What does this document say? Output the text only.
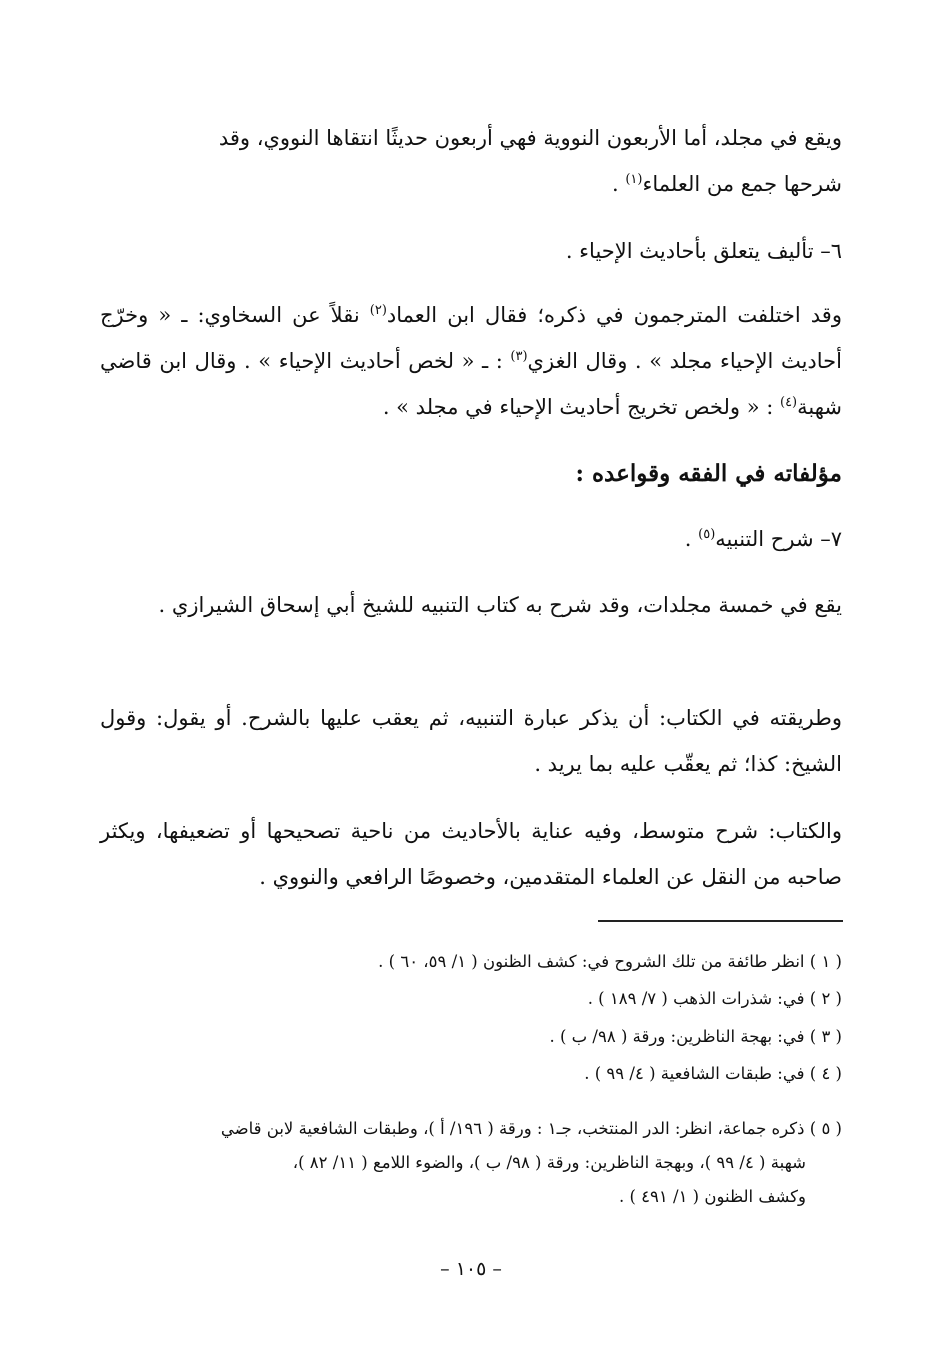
ويقع في مجلد، أما الأربعون النووية فهي أربعون حديثًا انتقاها النووي، وقد
شرحها جمع من العلماء$^{(١)}$ .

٦– تأليف يتعلق بأحاديث الإحياء .

وقد اختلفت المترجمون في ذكره؛ فقال ابن العماد$^{(٢)}$ نقلاً عن السخاوي: ـ « وخرّج أحاديث الإحياء مجلد » . وقال الغزي$^{(٣)}$ : ـ « لخص أحاديث الإحياء » . وقال ابن قاضي شهبة$^{(٤)}$ : « ولخص تخريج أحاديث الإحياء في مجلد » .

مؤلفاته في الفقه وقواعده :

٧– شرح التنبيه$^{(٥)}$ .

يقع في خمسة مجلدات، وقد شرح به كتاب التنبيه للشيخ أبي إسحاق الشيرازي .

وطريقته في الكتاب: أن يذكر عبارة التنبيه، ثم يعقب عليها بالشرح. أو يقول: وقول الشيخ: كذا؛ ثم يعقّب عليه بما يريد .

والكتاب: شرح متوسط، وفيه عناية بالأحاديث من ناحية تصحيحها أو تضعيفها، ويكثر صاحبه من النقل عن العلماء المتقدمين، وخصوصًا الرافعي والنووي .

( ١ ) انظر طائفة من تلك الشروح في: كشف الظنون ( ١/ ٥٩، ٦٠ ) .

( ٢ ) في: شذرات الذهب ( ٧/ ١٨٩ ) .

( ٣ ) في: بهجة الناظرين: ورقة ( ٩٨/ ب ) .

( ٤ ) في: طبقات الشافعية ( ٤/ ٩٩ ) .

( ٥ ) ذكره جماعة، انظر: الدر المنتخب، جـ١ : ورقة ( ١٩٦/ أ )، وطبقات الشافعية لابن قاضي
شهبة ( ٤/ ٩٩ )، وبهجة الناظرين: ورقة ( ٩٨/ ب )، والضوء اللامع ( ١١/ ٨٢ )،
وكشف الظنون ( ١/ ٤٩١ ) .

– ١٠٥ –
